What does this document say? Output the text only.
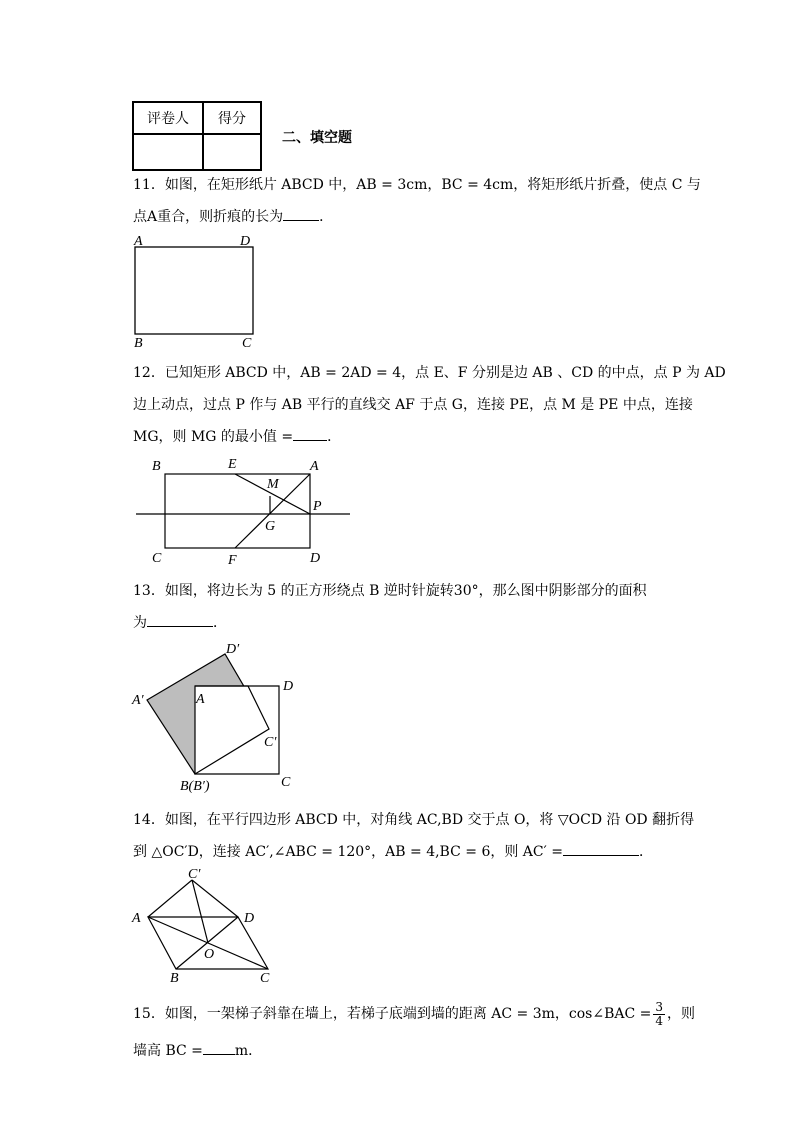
评卷人	得分

二、填空题
11．如图，在矩形纸片 ABCD 中，AB = 3cm，BC = 4cm，将矩形纸片折叠，使点 C 与
点A重合，则折痕的长为	．
A	D
B	C
12．已知矩形 ABCD 中，AB = 2AD = 4，点 E、F 分别是边 AB 、CD 的中点，点 P 为 AD
边上动点，过点 P 作与 AB 平行的直线交 AF 于点 G，连接 PE，点 M 是 PE 中点，连接
MG，则 MG 的最小值 = ．
B	E	A
M
P
G
C	F	D
13．如图，将边长为 5 的正方形绕点 B 逆时针旋转30°，那么图中阴影部分的面积
为	．
D′
A′	A
D
C′
B(B′)	C
14．如图，在平行四边形 ABCD 中，对角线 AC,BD 交于点 O，将 ▽OCD 沿 OD 翻折得
到 △OC′D，连接 AC′,∠ABC = 120°，AB = 4,BC = 6，则 AC′ =	．
C′
A	D
O
B	C
15．如图，一架梯子斜靠在墙上，若梯子底端到墙的距离 AC = 3m，cos∠BAC = $\frac{3}{4}$ ，则
墙高 BC = m．
